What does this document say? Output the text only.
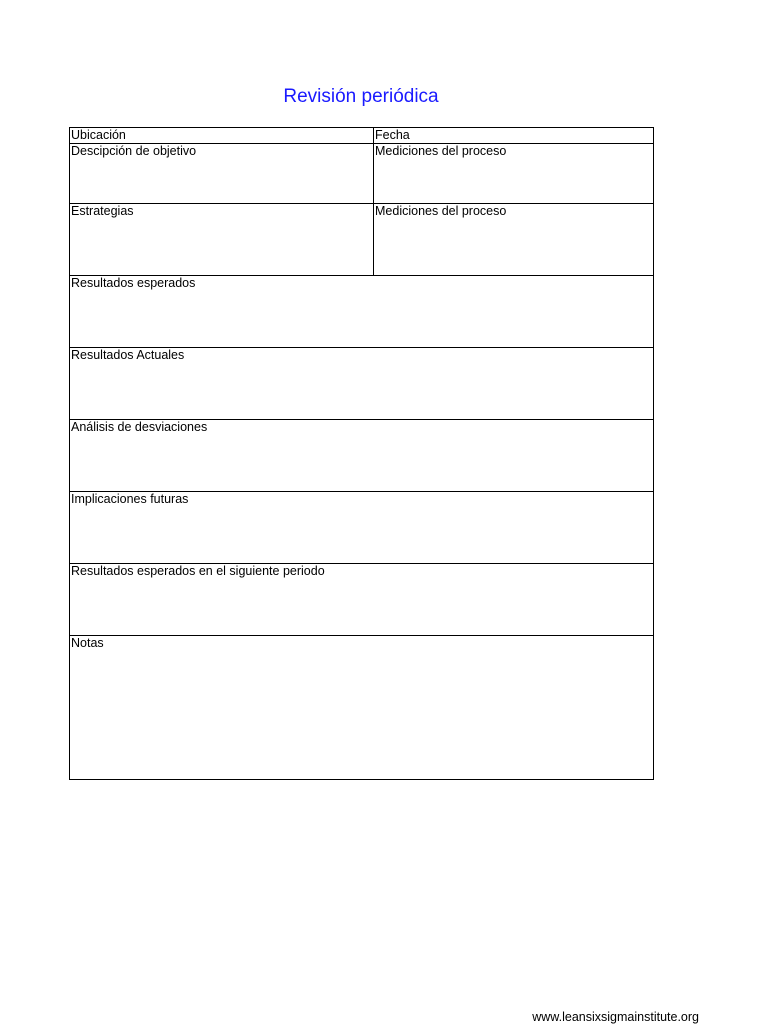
Revisión periódica
Ubicación	Fecha
Descipción de objetivo	Mediciones del proceso
Estrategias	Mediciones del proceso
Resultados esperados	
Resultados Actuales	
Análisis de desviaciones	
Implicaciones futuras	
Resultados esperados en el siguiente periodo	
Notas	
www.leansixsigmainstitute.org
